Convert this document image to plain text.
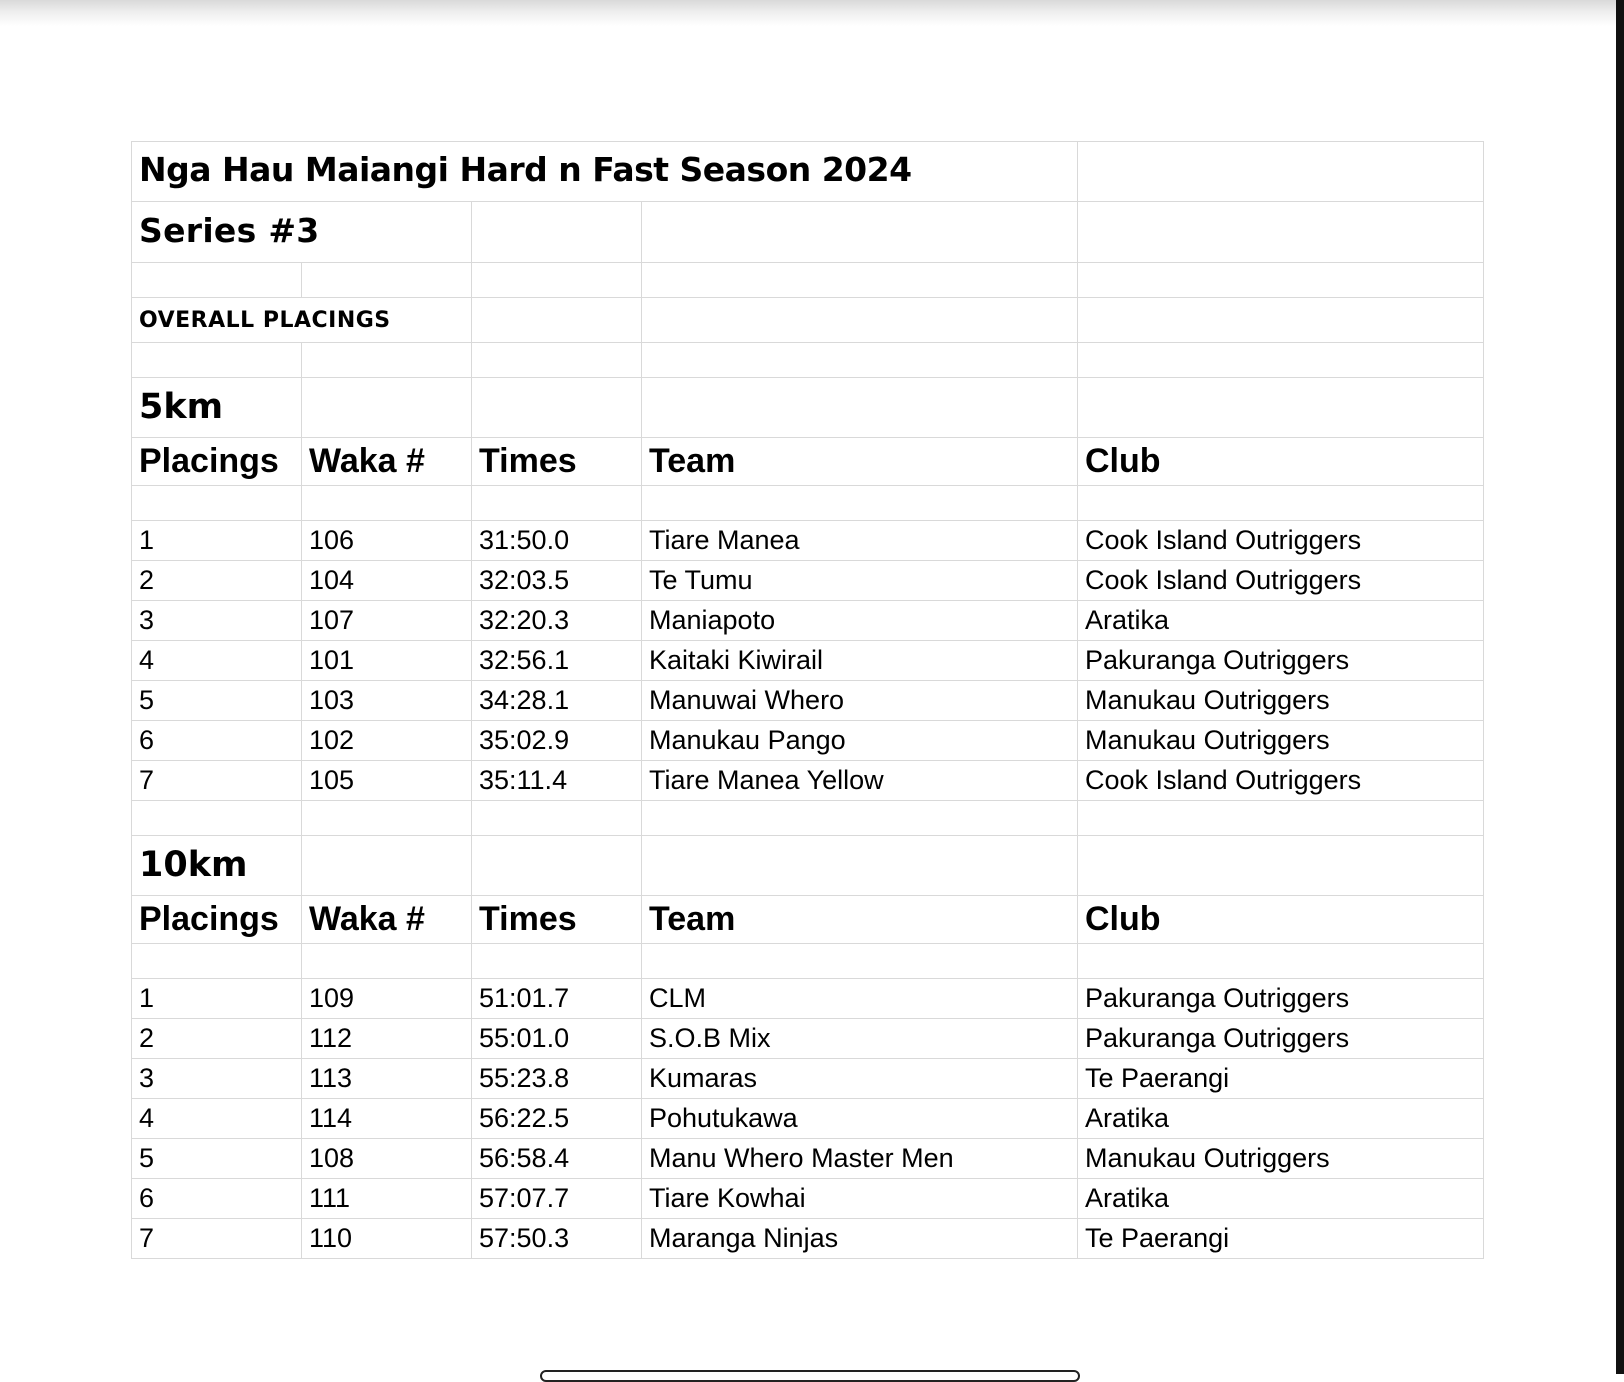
Nga Hau Maiangi Hard n Fast Season 2024				
Series #3				

OVERALL PLACINGS				

5km				
Placings	Waka #	Times	Team	Club

1	106	31:50.0	Tiare Manea	Cook Island Outriggers
2	104	32:03.5	Te Tumu	Cook Island Outriggers
3	107	32:20.3	Maniapoto	Aratika
4	101	32:56.1	Kaitaki Kiwirail	Pakuranga Outriggers
5	103	34:28.1	Manuwai Whero	Manukau Outriggers
6	102	35:02.9	Manukau Pango	Manukau Outriggers
7	105	35:11.4	Tiare Manea Yellow	Cook Island Outriggers

10km				
Placings	Waka #	Times	Team	Club

1	109	51:01.7	CLM	Pakuranga Outriggers
2	112	55:01.0	S.O.B Mix	Pakuranga Outriggers
3	113	55:23.8	Kumaras	Te Paerangi
4	114	56:22.5	Pohutukawa	Aratika
5	108	56:58.4	Manu Whero Master Men	Manukau Outriggers
6	111	57:07.7	Tiare Kowhai	Aratika
7	110	57:50.3	Maranga Ninjas	Te Paerangi
